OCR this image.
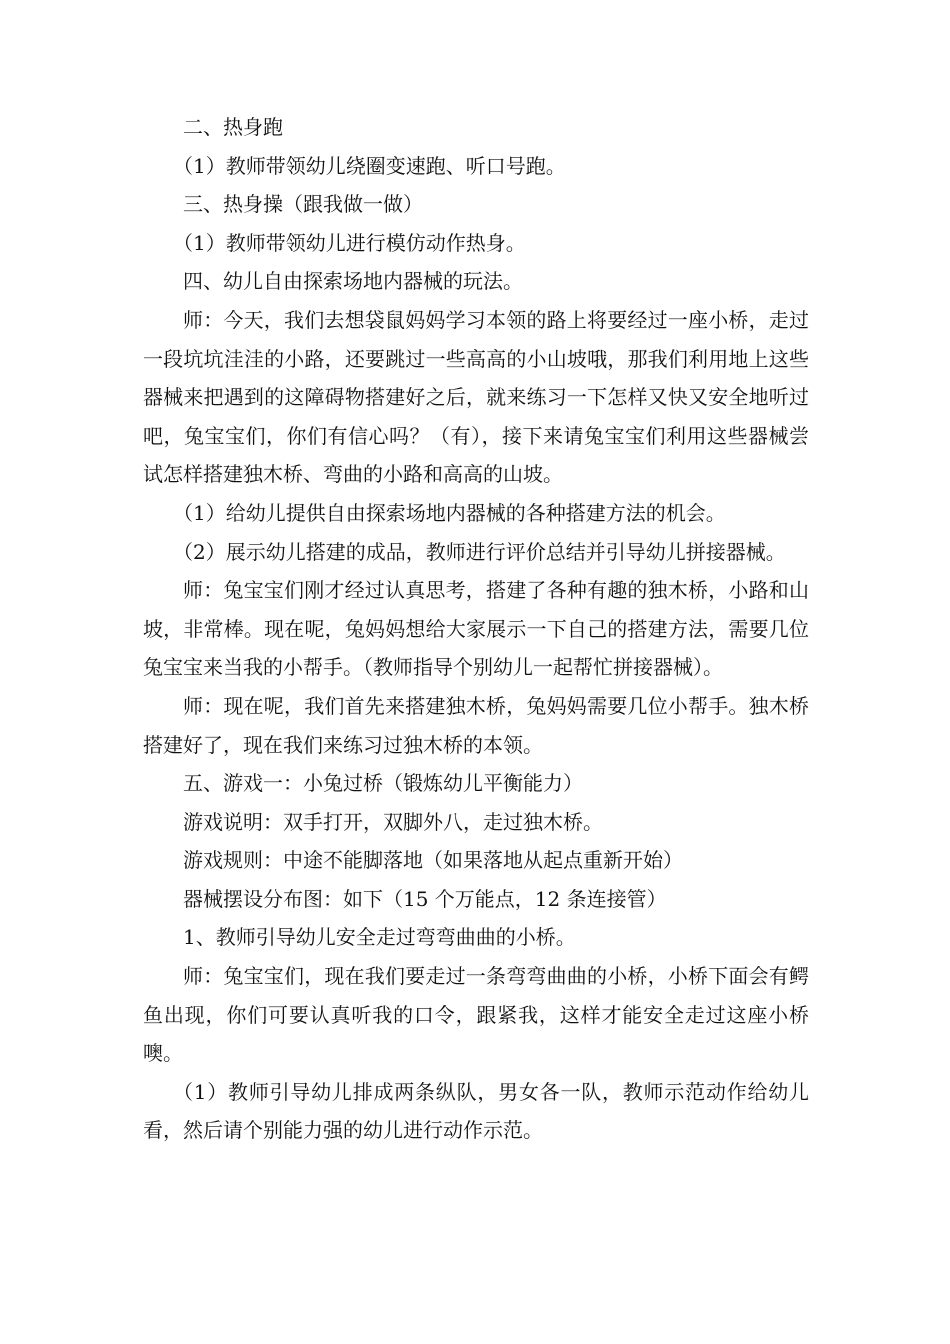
二、热身跑

（1）教师带领幼儿绕圈变速跑、听口号跑。

三、热身操（跟我做一做）

（1）教师带领幼儿进行模仿动作热身。

四、幼儿自由探索场地内器械的玩法。

师：今天，我们去想袋鼠妈妈学习本领的路上将要经过一座小桥，走过一段坑坑洼洼的小路，还要跳过一些高高的小山坡哦，那我们利用地上这些器械来把遇到的这障碍物搭建好之后，就来练习一下怎样又快又安全地听过吧，兔宝宝们，你们有信心吗？（有），接下来请兔宝宝们利用这些器械尝试怎样搭建独木桥、弯曲的小路和高高的山坡。

（1）给幼儿提供自由探索场地内器械的各种搭建方法的机会。

（2）展示幼儿搭建的成品，教师进行评价总结并引导幼儿拼接器械。

师：兔宝宝们刚才经过认真思考，搭建了各种有趣的独木桥，小路和山坡，非常棒。现在呢，兔妈妈想给大家展示一下自己的搭建方法，需要几位兔宝宝来当我的小帮手。（教师指导个别幼儿一起帮忙拼接器械）。

师：现在呢，我们首先来搭建独木桥，兔妈妈需要几位小帮手。独木桥搭建好了，现在我们来练习过独木桥的本领。

五、游戏一：小兔过桥（锻炼幼儿平衡能力）

游戏说明：双手打开，双脚外八，走过独木桥。

游戏规则：中途不能脚落地（如果落地从起点重新开始）

器械摆设分布图：如下（15 个万能点，12 条连接管）

1、教师引导幼儿安全走过弯弯曲曲的小桥。

师：兔宝宝们，现在我们要走过一条弯弯曲曲的小桥，小桥下面会有鳄鱼出现，你们可要认真听我的口令，跟紧我，这样才能安全走过这座小桥噢。

（1）教师引导幼儿排成两条纵队，男女各一队，教师示范动作给幼儿看，然后请个别能力强的幼儿进行动作示范。
